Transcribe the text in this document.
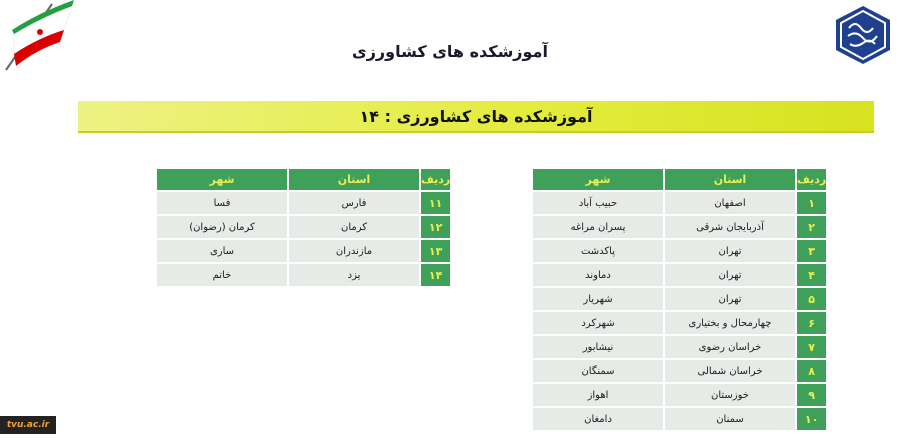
آموزشکده های کشاورزی
آموزشکده های کشاورزی : ۱۴
ردیف	استان	شهر
۱	اصفهان	حبیب آباد
۲	آذربایجان شرقی	پسران مراغه
۳	تهران	پاکدشت
۴	تهران	دماوند
۵	تهران	شهریار
۶	چهارمحال و بختیاری	شهرکرد
۷	خراسان رضوی	نیشابور
۸	خراسان شمالی	سمنگان
۹	خوزستان	اهواز
۱۰	سمنان	دامغان
ردیف	استان	شهر
۱۱	فارس	فسا
۱۲	کرمان	کرمان (رضوان)
۱۳	مازندران	ساری
۱۴	یزد	خاتم
tvu.ac.ir
